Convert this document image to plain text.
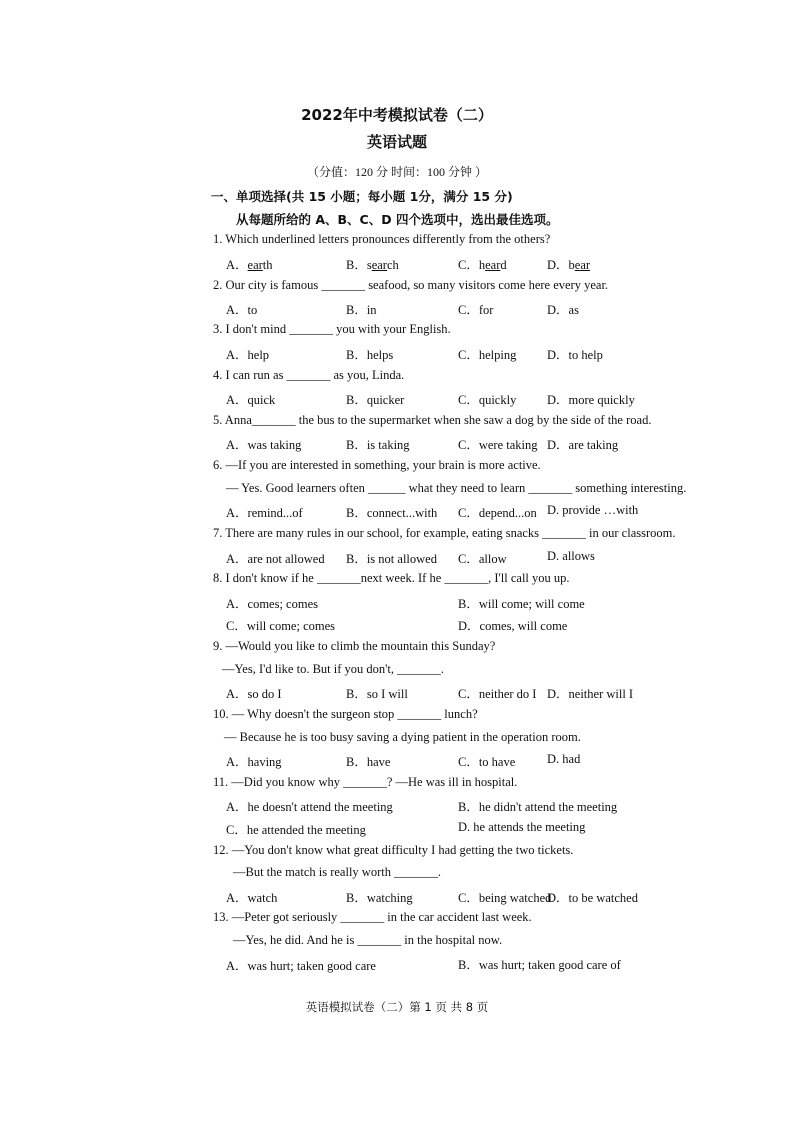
2022年中考模拟试卷（二）
英语试题
（分值：120 分 时间：100 分钟 ）
一、单项选择(共 15 小题；每小题 1分，满分 15 分)
从每题所给的 A、B、C、D 四个选项中，选出最佳选项。
1. Which underlined letters pronounces differently from the others?
A．earth	B．search	C．heard	D．bear
2. Our city is famous _______ seafood, so many visitors come here every year.
A．to	B．in	C．for	D．as
3. I don't mind _______ you with your English.
A．help	B．helps	C．helping D．to help
4. I can run as _______ as you, Linda.
A．quick	B．quicker	C．quickly D．more quickly
5. Anna_______ the bus to the supermarket when she saw a dog by the side of the road.
A．was taking	B．is taking	C．were taking D．are taking
6. —If you are interested in something, your brain is more active.
— Yes. Good learners often ______ what they need to learn _______ something interesting.
A．remind...of	B．connect...with C．depend...on D. provide …with
7. There are many rules in our school, for example, eating snacks _______ in our classroom.
A．are not allowed B．is not allowed C．allow	D. allows
8. I don't know if he _______next week. If he _______, I'll call you up.
A．comes; comes	B．will come; will come
C．will come; comes	D．comes, will come
9. —Would you like to climb the mountain this Sunday?
—Yes, I'd like to. But if you don't, _______.
A．so do I	B．so I will	C．neither do I D．neither will I
10. — Why doesn't the surgeon stop _______ lunch?
— Because he is too busy saving a dying patient in the operation room.
A．having	B．have	C．to have	D. had
11. —Did you know why _______? —He was ill in hospital.
A．he doesn't attend the meeting	B．he didn't attend the meeting
C．he attended the meeting	D. he attends the meeting
12. —You don't know what great difficulty I had getting the two tickets.
—But the match is really worth _______.
A．watch	B．watching	C．being watched
D．to be watched
13. —Peter got seriously _______ in the car accident last week.
—Yes, he did. And he is _______ in the hospital now.
A．was hurt; taken good care	B．was hurt; taken good care of
英语模拟试卷（二）第 1 页 共 8 页
